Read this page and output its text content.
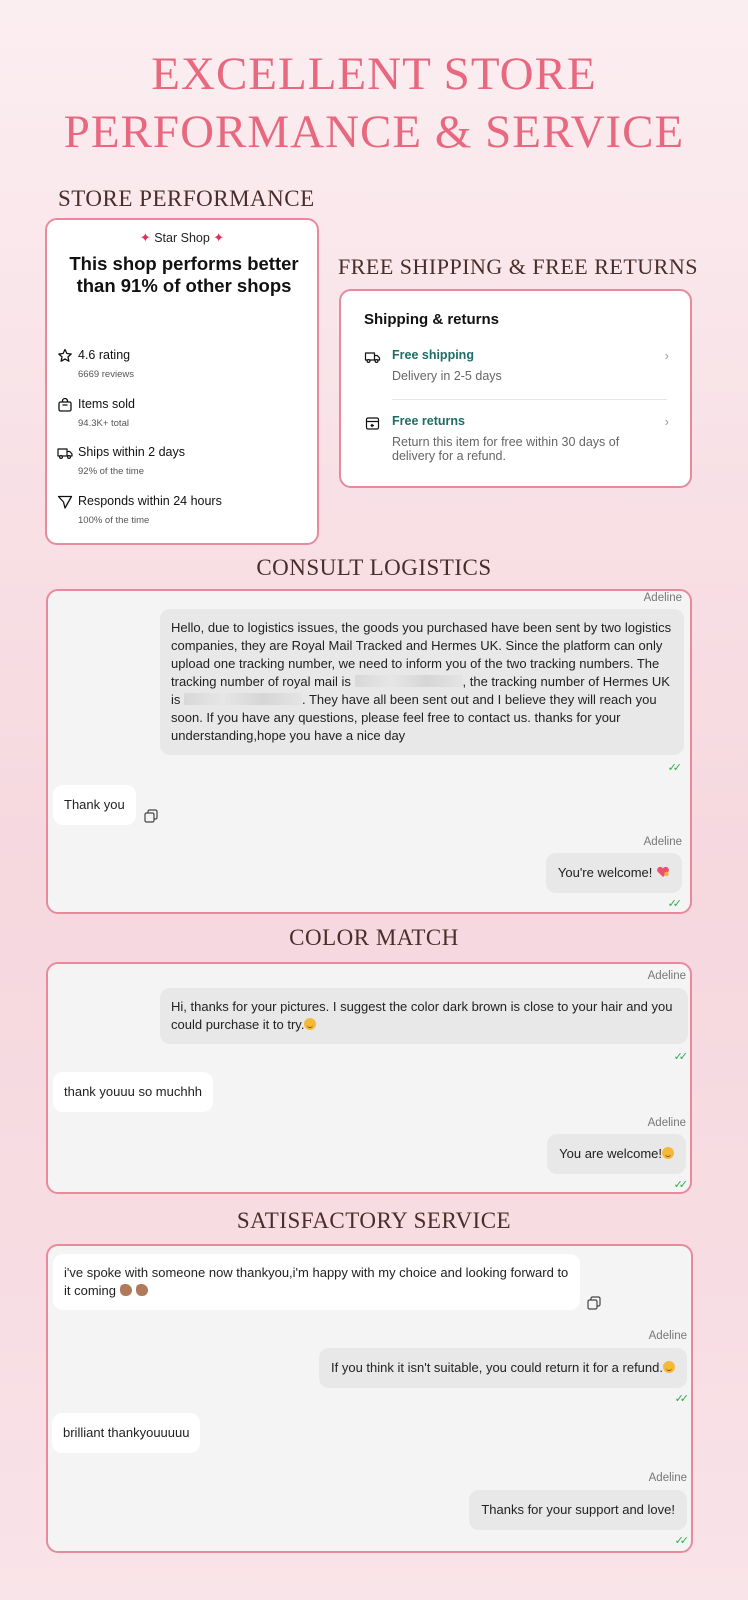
EXCELLENT STORE
PERFORMANCE & SERVICE
STORE PERFORMANCE
✦ Star Shop ✦
This shop performs better than 91% of other shops
4.6 rating
6669 reviews
Items sold
94.3K+ total
Ships within 2 days
92% of the time
Responds within 24 hours
100% of the time
FREE SHIPPING & FREE RETURNS
Shipping & returns
Free shipping
Delivery in 2-5 days
›
Free returns
Return this item for free within 30 days of delivery for a refund.
›
CONSULT LOGISTICS
Adeline
Hello, due to logistics issues, the goods you purchased have been sent by two logistics companies, they are Royal Mail Tracked and Hermes UK. Since the platform can only upload one tracking number, we need to inform you of the two tracking numbers. The tracking number of royal mail is	, the tracking number of Hermes UK is	. They have all been sent out and I believe they will reach you soon. If you have any questions, please feel free to contact us. thanks for your understanding,hope you have a nice day
✓✓
Thank you
Adeline
You're welcome!
✓✓
COLOR MATCH
Adeline
Hi, thanks for your pictures. I suggest the color dark brown is close to your hair and you could purchase it to try.
✓✓
thank youuu so muchhh
Adeline
You are welcome!
✓✓
SATISFACTORY SERVICE
i've spoke with someone now thankyou,i'm happy with my choice and looking forward to it coming
Adeline
If you think it isn't suitable, you could return it for a refund.
✓✓
brilliant thankyouuuuu
Adeline
Thanks for your support and love!
✓✓
